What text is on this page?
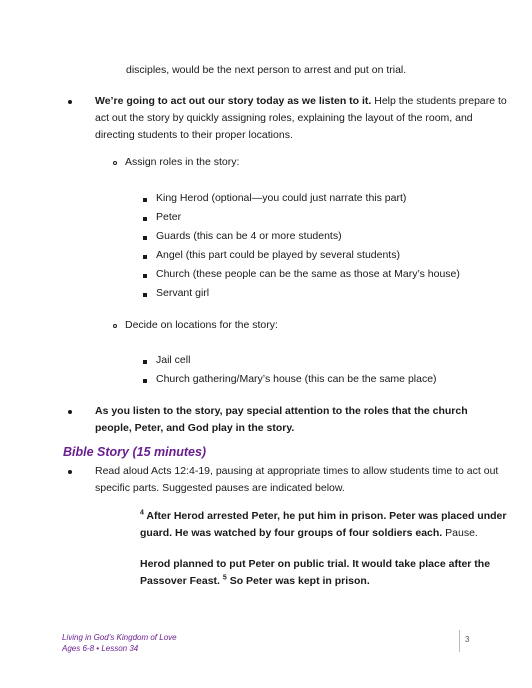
disciples, would be the next person to arrest and put on trial.
We’re going to act out our story today as we listen to it. Help the students prepare to
act out the story by quickly assigning roles, explaining the layout of the room, and
directing students to their proper locations.
Assign roles in the story:
King Herod (optional—you could just narrate this part)
Peter
Guards (this can be 4 or more students)
Angel (this part could be played by several students)
Church (these people can be the same as those at Mary’s house)
Servant girl
Decide on locations for the story:
Jail cell
Church gathering/Mary’s house (this can be the same place)
As you listen to the story, pay special attention to the roles that the church
people, Peter, and God play in the story.
Bible Story (15 minutes)
Read aloud Acts 12:4-19, pausing at appropriate times to allow students time to act out
specific parts. Suggested pauses are indicated below.
$^4$ After Herod arrested Peter, he put him in prison. Peter was placed under
guard. He was watched by four groups of four soldiers each. Pause.
Herod planned to put Peter on public trial. It would take place after the
Passover Feast. $^5$ So Peter was kept in prison.
Living in God’s Kingdom of Love
Ages 6-8 • Lesson 34
3
